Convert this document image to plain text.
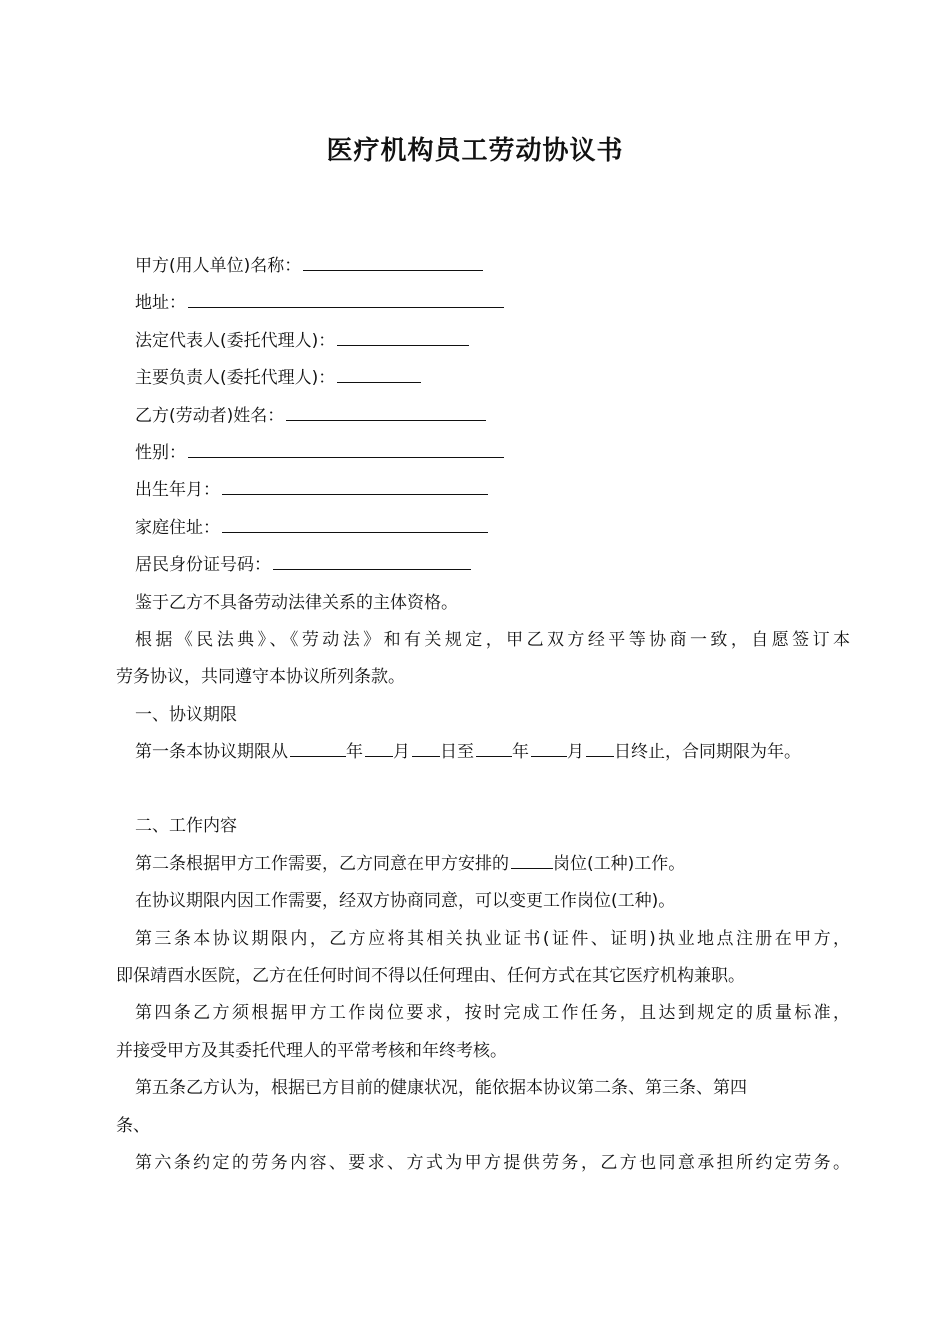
医疗机构员工劳动协议书

甲方(用人单位)名称：

地址：

法定代表人(委托代理人)：

主要负责人(委托代理人)：

乙方(劳动者)姓名：

性别：

出生年月：

家庭住址：

居民身份证号码：

鉴于乙方不具备劳动法律关系的主体资格。

根据《民法典》、《劳动法》和有关规定，甲乙双方经平等协商一致，自愿签订本

劳务协议，共同遵守本协议所列条款。

一、协议期限

第一条本协议期限从	年 月 日至 年 月 日终止，合同期限为年。

二、工作内容

第二条根据甲方工作需要，乙方同意在甲方安排的	岗位(工种)工作。

在协议期限内因工作需要，经双方协商同意，可以变更工作岗位(工种)。

第三条本协议期限内，乙方应将其相关执业证书(证件、证明)执业地点注册在甲方，

即保靖酉水医院，乙方在任何时间不得以任何理由、任何方式在其它医疗机构兼职。

第四条乙方须根据甲方工作岗位要求，按时完成工作任务，且达到规定的质量标准，

并接受甲方及其委托代理人的平常考核和年终考核。

第五条乙方认为，根据已方目前的健康状况，能依据本协议第二条、第三条、第四

条、

第六条约定的劳务内容、要求、方式为甲方提供劳务，乙方也同意承担所约定劳务。
